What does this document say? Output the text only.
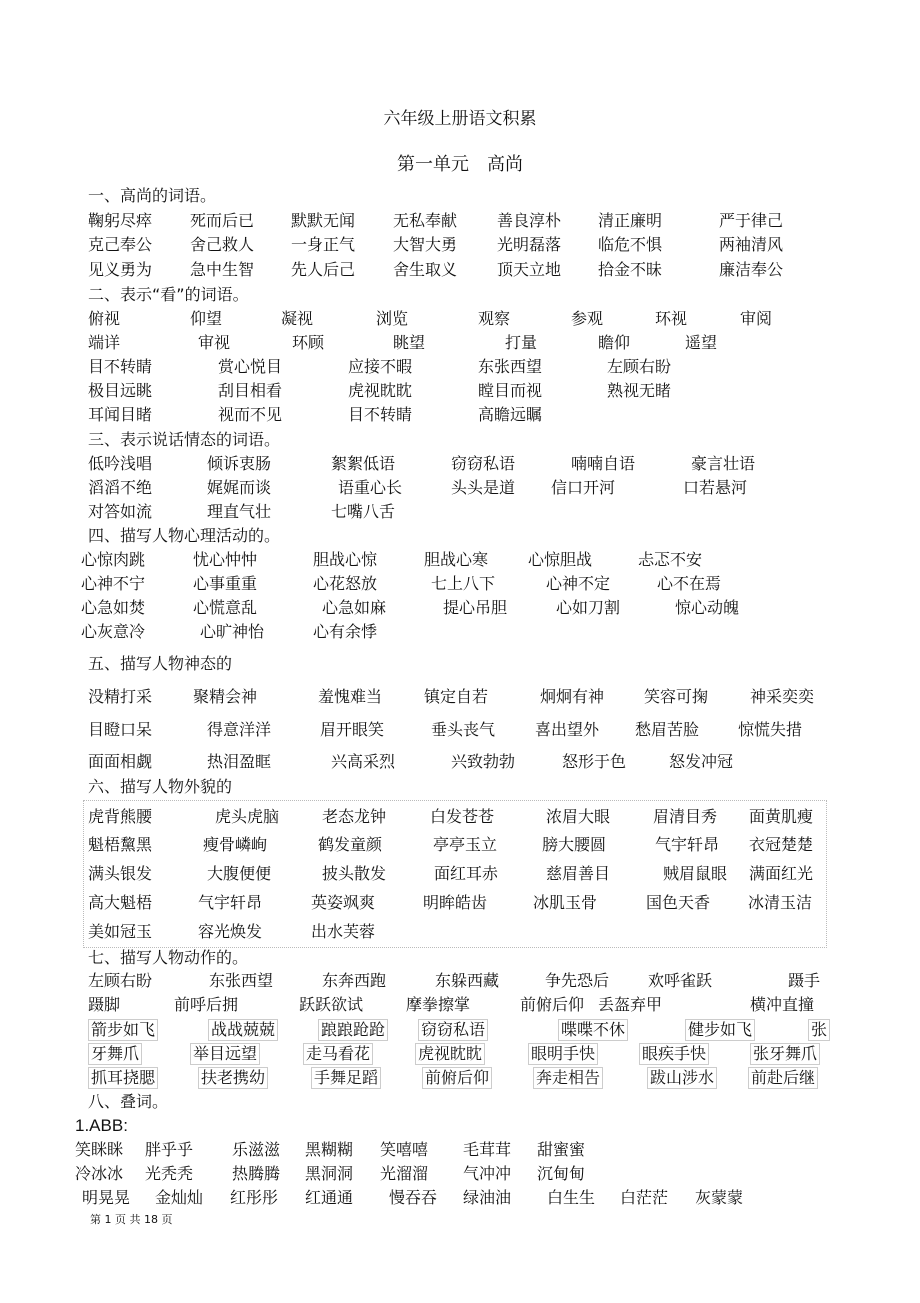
六年级上册语文积累
第一单元　高尚
一、高尚的词语。
鞠躬尽瘁 死而后已 默默无闻 无私奉献 善良淳朴 清正廉明	严于律己
克己奉公 舍己救人 一身正气 大智大勇 光明磊落 临危不惧	两袖清风
见义勇为 急中生智 先人后己 舍生取义 顶天立地 拾金不昧	廉洁奉公
二、表示“看”的词语。
俯视	仰望	凝视	浏览	观察	参观	环视	审阅
端详	审视	环顾	眺望	打量	瞻仰	遥望
目不转睛	赏心悦目	应接不暇	东张西望	左顾右盼
极目远眺	刮目相看	虎视眈眈	瞠目而视	熟视无睹
耳闻目睹	视而不见	目不转睛	高瞻远瞩
三、表示说话情态的词语。
低吟浅唱	倾诉衷肠	絮絮低语	窃窃私语	喃喃自语	豪言壮语
滔滔不绝	娓娓而谈	语重心长	头头是道 信口开河	口若悬河
对答如流	理直气壮	七嘴八舌
四、描写人物心理活动的。
心惊肉跳	忧心忡忡	胆战心惊	胆战心寒 心惊胆战	忐忑不安
心神不宁	心事重重	心花怒放	七上八下	心神不定	心不在焉
心急如焚	心慌意乱	心急如麻	提心吊胆	心如刀割	惊心动魄
心灰意冷	心旷神怡	心有余悸
五、描写人物神态的
没精打采	聚精会神	羞愧难当	镇定自若	炯炯有神 笑容可掬	神采奕奕
目瞪口呆	得意洋洋	眉开眼笑	垂头丧气 喜出望外 愁眉苦脸 惊慌失措
面面相觑	热泪盈眶	兴高采烈	兴致勃勃	怒形于色	怒发冲冠
六、描写人物外貌的
虎背熊腰	虎头虎脑	老态龙钟	白发苍苍	浓眉大眼	眉清目秀 面黄肌瘦
魁梧黧黑	瘦骨嶙峋	鹤发童颜	亭亭玉立	膀大腰圆	气宇轩昂 衣冠楚楚
满头银发	大腹便便	披头散发	面红耳赤	慈眉善目	贼眉鼠眼 满面红光
高大魁梧	气宇轩昂	英姿飒爽	明眸皓齿	冰肌玉骨	国色天香 冰清玉洁
美如冠玉	容光焕发	出水芙蓉
七、描写人物动作的。
左顾右盼	东张西望	东奔西跑	东躲西藏	争先恐后 欢呼雀跃	蹑手
蹑脚	前呼后拥	跃跃欲试	摩拳擦掌	前俯后仰 丢盔弃甲	横冲直撞
箭步如飞	战战兢兢	踉踉跄跄 窃窃私语	喋喋不休	健步如飞	张
牙舞爪	举目远望	走马看花	虎视眈眈	眼明手快	眼疾手快	张牙舞爪
抓耳挠腮	扶老携幼	手舞足蹈	前俯后仰	奔走相告	跋山涉水 前赴后继
八、叠词。
1.ABB:
笑眯眯 胖乎乎 乐滋滋 黑糊糊 笑嘻嘻 毛茸茸 甜蜜蜜
冷冰冰 光秃秃 热腾腾 黑洞洞 光溜溜 气冲冲 沉甸甸
明晃晃 金灿灿 红彤彤 红通通 慢吞吞 绿油油 白生生 白茫茫 灰蒙蒙
第 1 页 共 18 页
